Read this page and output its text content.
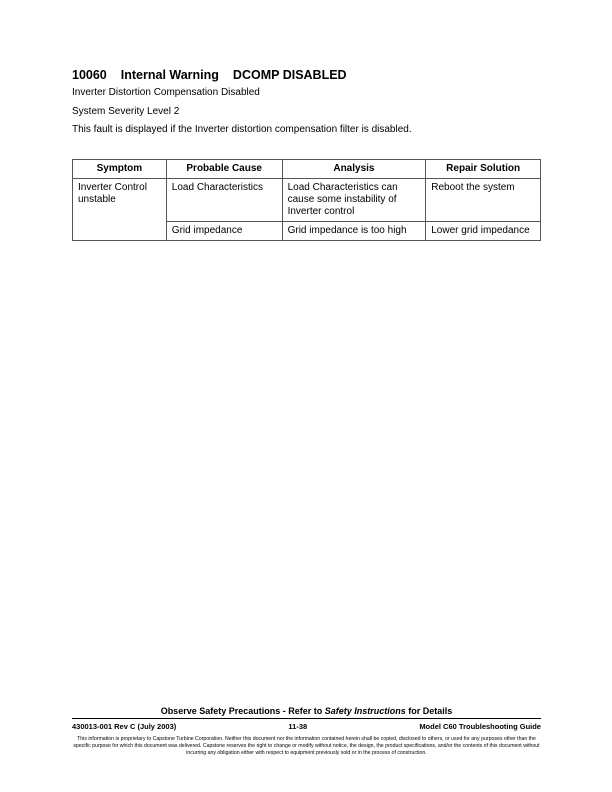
10060 Internal Warning DCOMP DISABLED
Inverter Distortion Compensation Disabled
System Severity Level 2
This fault is displayed if the Inverter distortion compensation filter is disabled.
Symptom	Probable Cause	Analysis	Repair Solution
Inverter Control unstable	Load Characteristics	Load Characteristics can cause some instability of Inverter control	Reboot the system
	Grid impedance	Grid impedance is too high	Lower grid impedance
Observe Safety Precautions - Refer to Safety Instructions for Details
430013-001 Rev C (July 2003)	11-38	Model C60 Troubleshooting Guide
This information is proprietary to Capstone Turbine Corporation. Neither this document nor the information contained herein shall be copied, disclosed to others, or used for any purposes other than the specific purpose for which this document was delivered. Capstone reserves the right to change or modify without notice, the design, the product specifications, and/or the contents of this document without incurring any obligation either with respect to equipment previously sold or in the process of construction.
